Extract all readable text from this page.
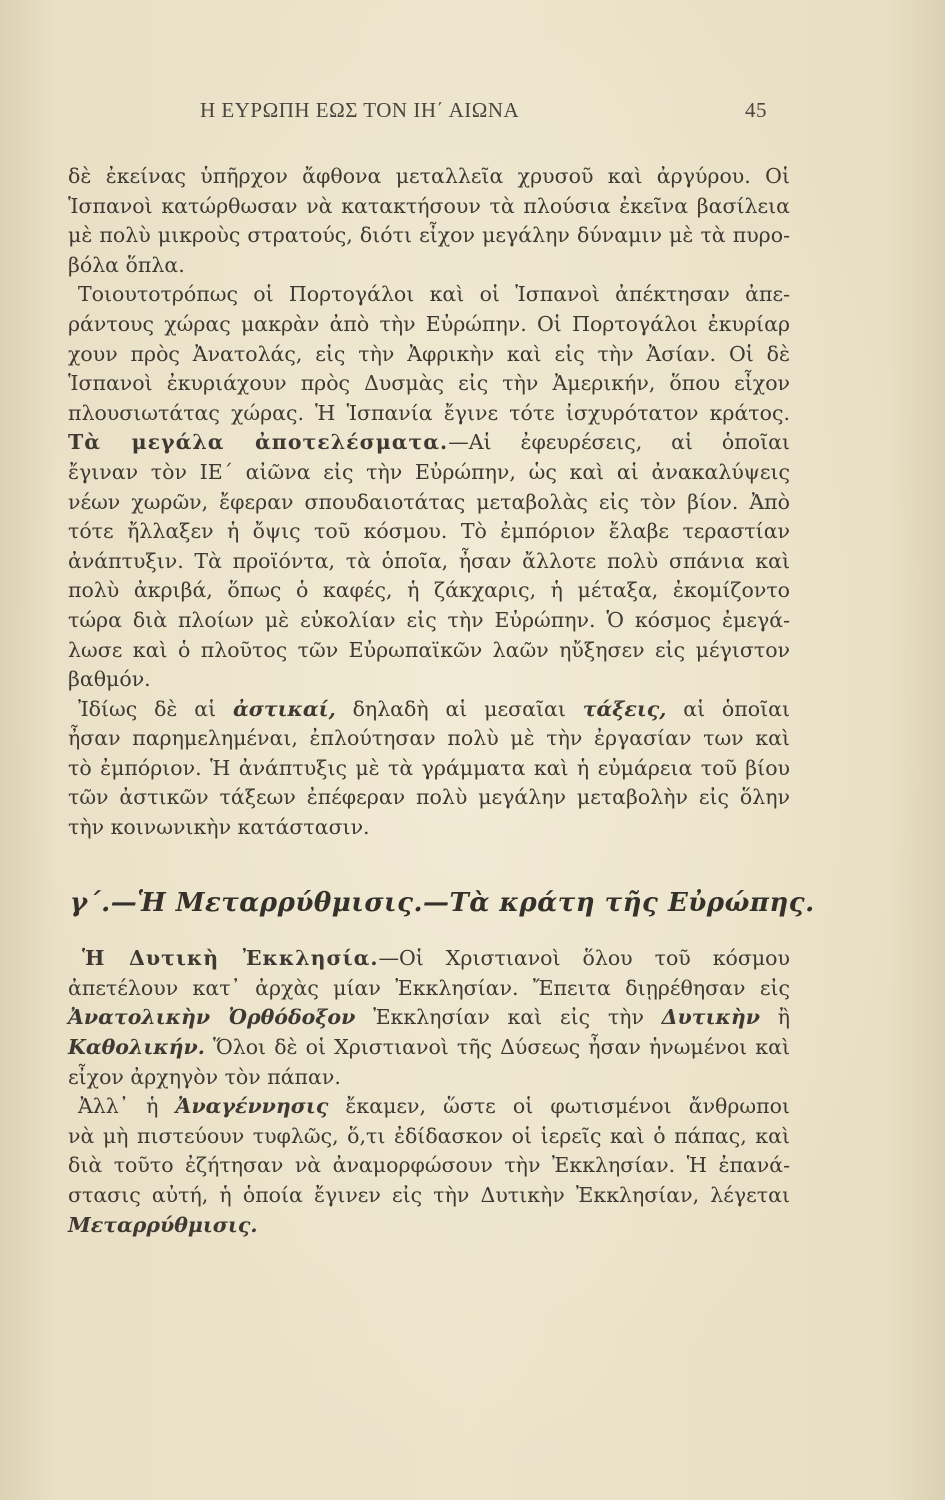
Η ΕΥΡΩΠΗ ΕΩΣ ΤΟΝ ΙΗ΄ ΑΙΩΝΑ	45
δὲ ἐκείνας ὑπῆρχον ἄφθονα μεταλλεῖα χρυσοῦ καὶ ἀργύρου. Οἱ
Ἱσπανοὶ κατώρθωσαν νὰ κατακτήσουν τὰ πλούσια ἐκεῖνα βασίλεια
μὲ πολὺ μικροὺς στρατούς, διότι εἶχον μεγάλην δύναμιν μὲ τὰ πυρο-
βόλα ὅπλα.
Τοιουτοτρόπως οἱ Πορτογάλοι καὶ οἱ Ἱσπανοὶ ἀπέκτησαν ἀπε-
ράντους χώρας μακρὰν ἀπὸ τὴν Εὐρώπην. Οἱ Πορτογάλοι ἐκυρίαρ
χουν πρὸς Ἀνατολάς, εἰς τὴν Ἀφρικὴν καὶ εἰς τὴν Ἀσίαν. Οἱ δὲ
Ἱσπανοὶ ἐκυριάχουν πρὸς Δυσμὰς εἰς τὴν Ἀμερικήν, ὅπου εἶχον
πλουσιωτάτας χώρας. Ἡ Ἱσπανία ἔγινε τότε ἰσχυρότατον κράτος.
Τὰ μεγάλα ἀποτελέσματα.—Αἱ ἐφευρέσεις, αἱ ὁποῖαι
ἔγιναν τὸν ΙΕ΄ αἰῶνα εἰς τὴν Εὐρώπην, ὡς καὶ αἱ ἀνακαλύψεις
νέων χωρῶν, ἔφεραν σπουδαιοτάτας μεταβολὰς εἰς τὸν βίον. Ἀπὸ
τότε ἤλλαξεν ἡ ὄψις τοῦ κόσμου. Τὸ ἐμπόριον ἔλαβε τεραστίαν
ἀνάπτυξιν. Τὰ προϊόντα, τὰ ὁποῖα, ἦσαν ἄλλοτε πολὺ σπάνια καὶ
πολὺ ἀκριβά, ὅπως ὁ καφές, ἡ ζάκχαρις, ἡ μέταξα, ἐκομίζοντο
τώρα διὰ πλοίων μὲ εὐκολίαν εἰς τὴν Εὐρώπην. Ὁ κόσμος ἐμεγά-
λωσε καὶ ὁ πλοῦτος τῶν Εὐρωπαϊκῶν λαῶν ηὔξησεν εἰς μέγιστον
βαθμόν.
Ἰδίως δὲ αἱ ἀστικαί, δηλαδὴ αἱ μεσαῖαι τάξεις, αἱ ὁποῖαι
ἦσαν παρημελημέναι, ἐπλούτησαν πολὺ μὲ τὴν ἐργασίαν των καὶ
τὸ ἐμπόριον. Ἡ ἀνάπτυξις μὲ τὰ γράμματα καὶ ἡ εὐμάρεια τοῦ βίου
τῶν ἀστικῶν τάξεων ἐπέφεραν πολὺ μεγάλην μεταβολὴν εἰς ὅλην
τὴν κοινωνικὴν κατάστασιν.
γ΄.—Ἡ Μεταρρύθμισις.—Τὰ κράτη τῆς Εὐρώπης.
Ἡ Δυτικὴ Ἐκκλησία.—Οἱ Χριστιανοὶ ὅλου τοῦ κόσμου
ἀπετέλουν κατ᾽ ἀρχὰς μίαν Ἐκκλησίαν. Ἔπειτα διῃρέθησαν εἰς
Ἀνατολικὴν Ὀρθόδοξον Ἐκκλησίαν καὶ εἰς τὴν Δυτικὴν ἢ
Καθολικήν. Ὅλοι δὲ οἱ Χριστιανοὶ τῆς Δύσεως ἦσαν ἡνωμένοι καὶ
εἶχον ἀρχηγὸν τὸν πάπαν.
Ἀλλ᾽ ἡ Ἀναγέννησις ἔκαμεν, ὥστε οἱ φωτισμένοι ἄνθρωποι
νὰ μὴ πιστεύουν τυφλῶς, ὅ,τι ἐδίδασκον οἱ ἱερεῖς καὶ ὁ πάπας, καὶ
διὰ τοῦτο ἐζήτησαν νὰ ἀναμορφώσουν τὴν Ἐκκλησίαν. Ἡ ἐπανά-
στασις αὐτή, ἡ ὁποία ἔγινεν εἰς τὴν Δυτικὴν Ἐκκλησίαν, λέγεται
Μεταρρύθμισις.
